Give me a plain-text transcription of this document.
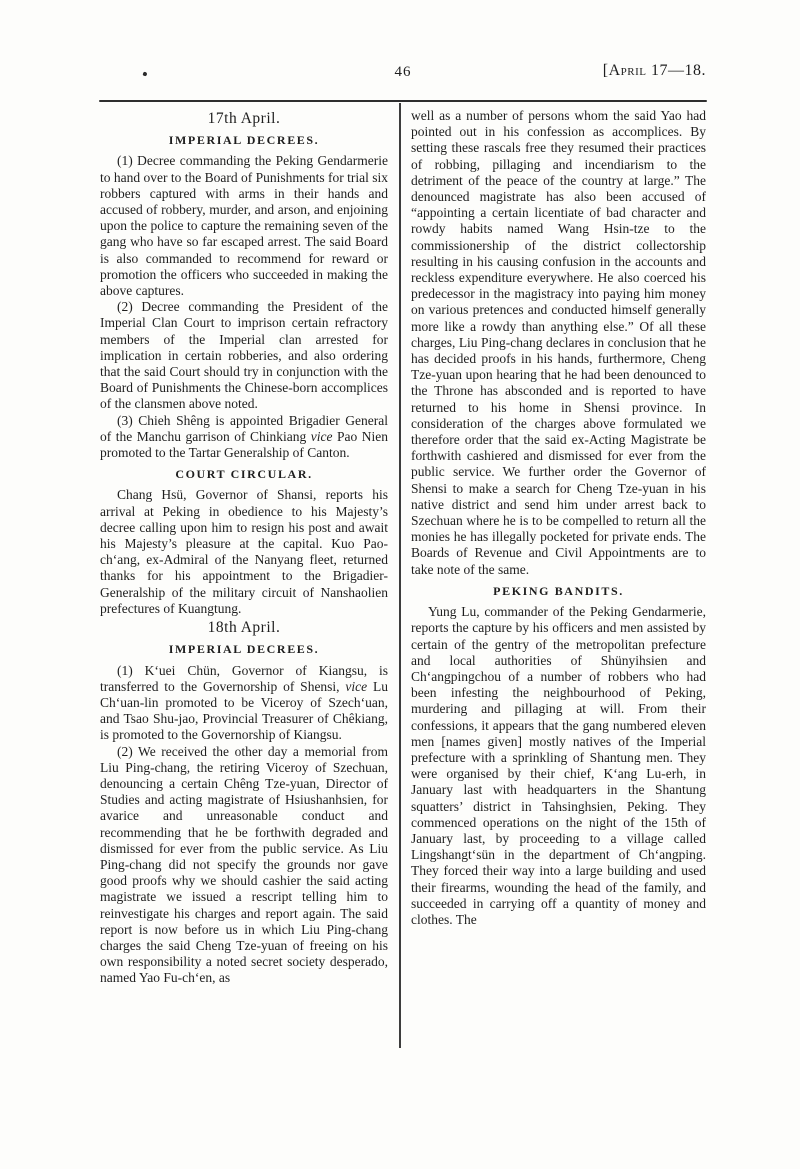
46	[April 17—18.
17th April.
IMPERIAL DECREES.

(1) Decree commanding the Peking Gendarmerie to hand over to the Board of Punishments for trial six robbers captured with arms in their hands and accused of robbery, murder, and arson, and enjoining upon the police to capture the remaining seven of the gang who have so far escaped arrest. The said Board is also commanded to recommend for reward or promotion the officers who succeeded in making the above captures.

(2) Decree commanding the President of the Imperial Clan Court to imprison certain refractory members of the Imperial clan arrested for implication in certain robberies, and also ordering that the said Court should try in conjunction with the Board of Punishments the Chinese-born accomplices of the clansmen above noted.

(3) Chieh Shêng is appointed Brigadier General of the Manchu garrison of Chinkiang vice Pao Nien promoted to the Tartar Generalship of Canton.

COURT CIRCULAR.

Chang Hsü, Governor of Shansi, reports his arrival at Peking in obedience to his Majesty’s decree calling upon him to resign his post and await his Majesty’s pleasure at the capital. Kuo Pao-ch‘ang, ex-Admiral of the Nanyang fleet, returned thanks for his appointment to the Brigadier-Generalship of the military circuit of Nanshaolien prefectures of Kuangtung.

18th April.
IMPERIAL DECREES.

(1) K‘uei Chün, Governor of Kiangsu, is transferred to the Governorship of Shensi, vice Lu Ch‘uan-lin promoted to be Viceroy of Szech‘uan, and Tsao Shu-jao, Provincial Treasurer of Chêkiang, is promoted to the Governorship of Kiangsu.

(2) We received the other day a memorial from Liu Ping-chang, the retiring Viceroy of Szechuan, denouncing a certain Chêng Tze-yuan, Director of Studies and acting magistrate of Hsiushanhsien, for avarice and unreasonable conduct and recommending that he be forthwith degraded and dismissed for ever from the public service. As Liu Ping-chang did not specify the grounds nor gave good proofs why we should cashier the said acting magistrate we issued a rescript telling him to reinvestigate his charges and report again. The said report is now before us in which Liu Ping-chang charges the said Cheng Tze-yuan of freeing on his own responsibility a noted secret society desperado, named Yao Fu-ch‘en, as

well as a number of persons whom the said Yao had pointed out in his confession as accomplices. By setting these rascals free they resumed their practices of robbing, pillaging and incendiarism to the detriment of the peace of the country at large.” The denounced magistrate has also been accused of “appointing a certain licentiate of bad character and rowdy habits named Wang Hsin-tze to the commissionership of the district collectorship resulting in his causing confusion in the accounts and reckless expenditure everywhere. He also coerced his predecessor in the magistracy into paying him money on various pretences and conducted himself generally more like a rowdy than anything else.” Of all these charges, Liu Ping-chang declares in conclusion that he has decided proofs in his hands, furthermore, Cheng Tze-yuan upon hearing that he had been denounced to the Throne has absconded and is reported to have returned to his home in Shensi province. In consideration of the charges above formulated we therefore order that the said ex-Acting Magistrate be forthwith cashiered and dismissed for ever from the public service. We further order the Governor of Shensi to make a search for Cheng Tze-yuan in his native district and send him under arrest back to Szechuan where he is to be compelled to return all the monies he has illegally pocketed for private ends. The Boards of Revenue and Civil Appointments are to take note of the same.

PEKING BANDITS.

Yung Lu, commander of the Peking Gendarmerie, reports the capture by his officers and men assisted by certain of the gentry of the metropolitan prefecture and local authorities of Shünyihsien and Ch‘angpingchou of a number of robbers who had been infesting the neighbourhood of Peking, murdering and pillaging at will. From their confessions, it appears that the gang numbered eleven men [names given] mostly natives of the Imperial prefecture with a sprinkling of Shantung men. They were organised by their chief, K‘ang Lu-erh, in January last with headquarters in the Shantung squatters’ district in Tahsinghsien, Peking. They commenced operations on the night of the 15th of January last, by proceeding to a village called Lingshangt‘sün in the department of Ch‘angping. They forced their way into a large building and used their firearms, wounding the head of the family, and succeeded in carrying off a quantity of money and clothes. The
